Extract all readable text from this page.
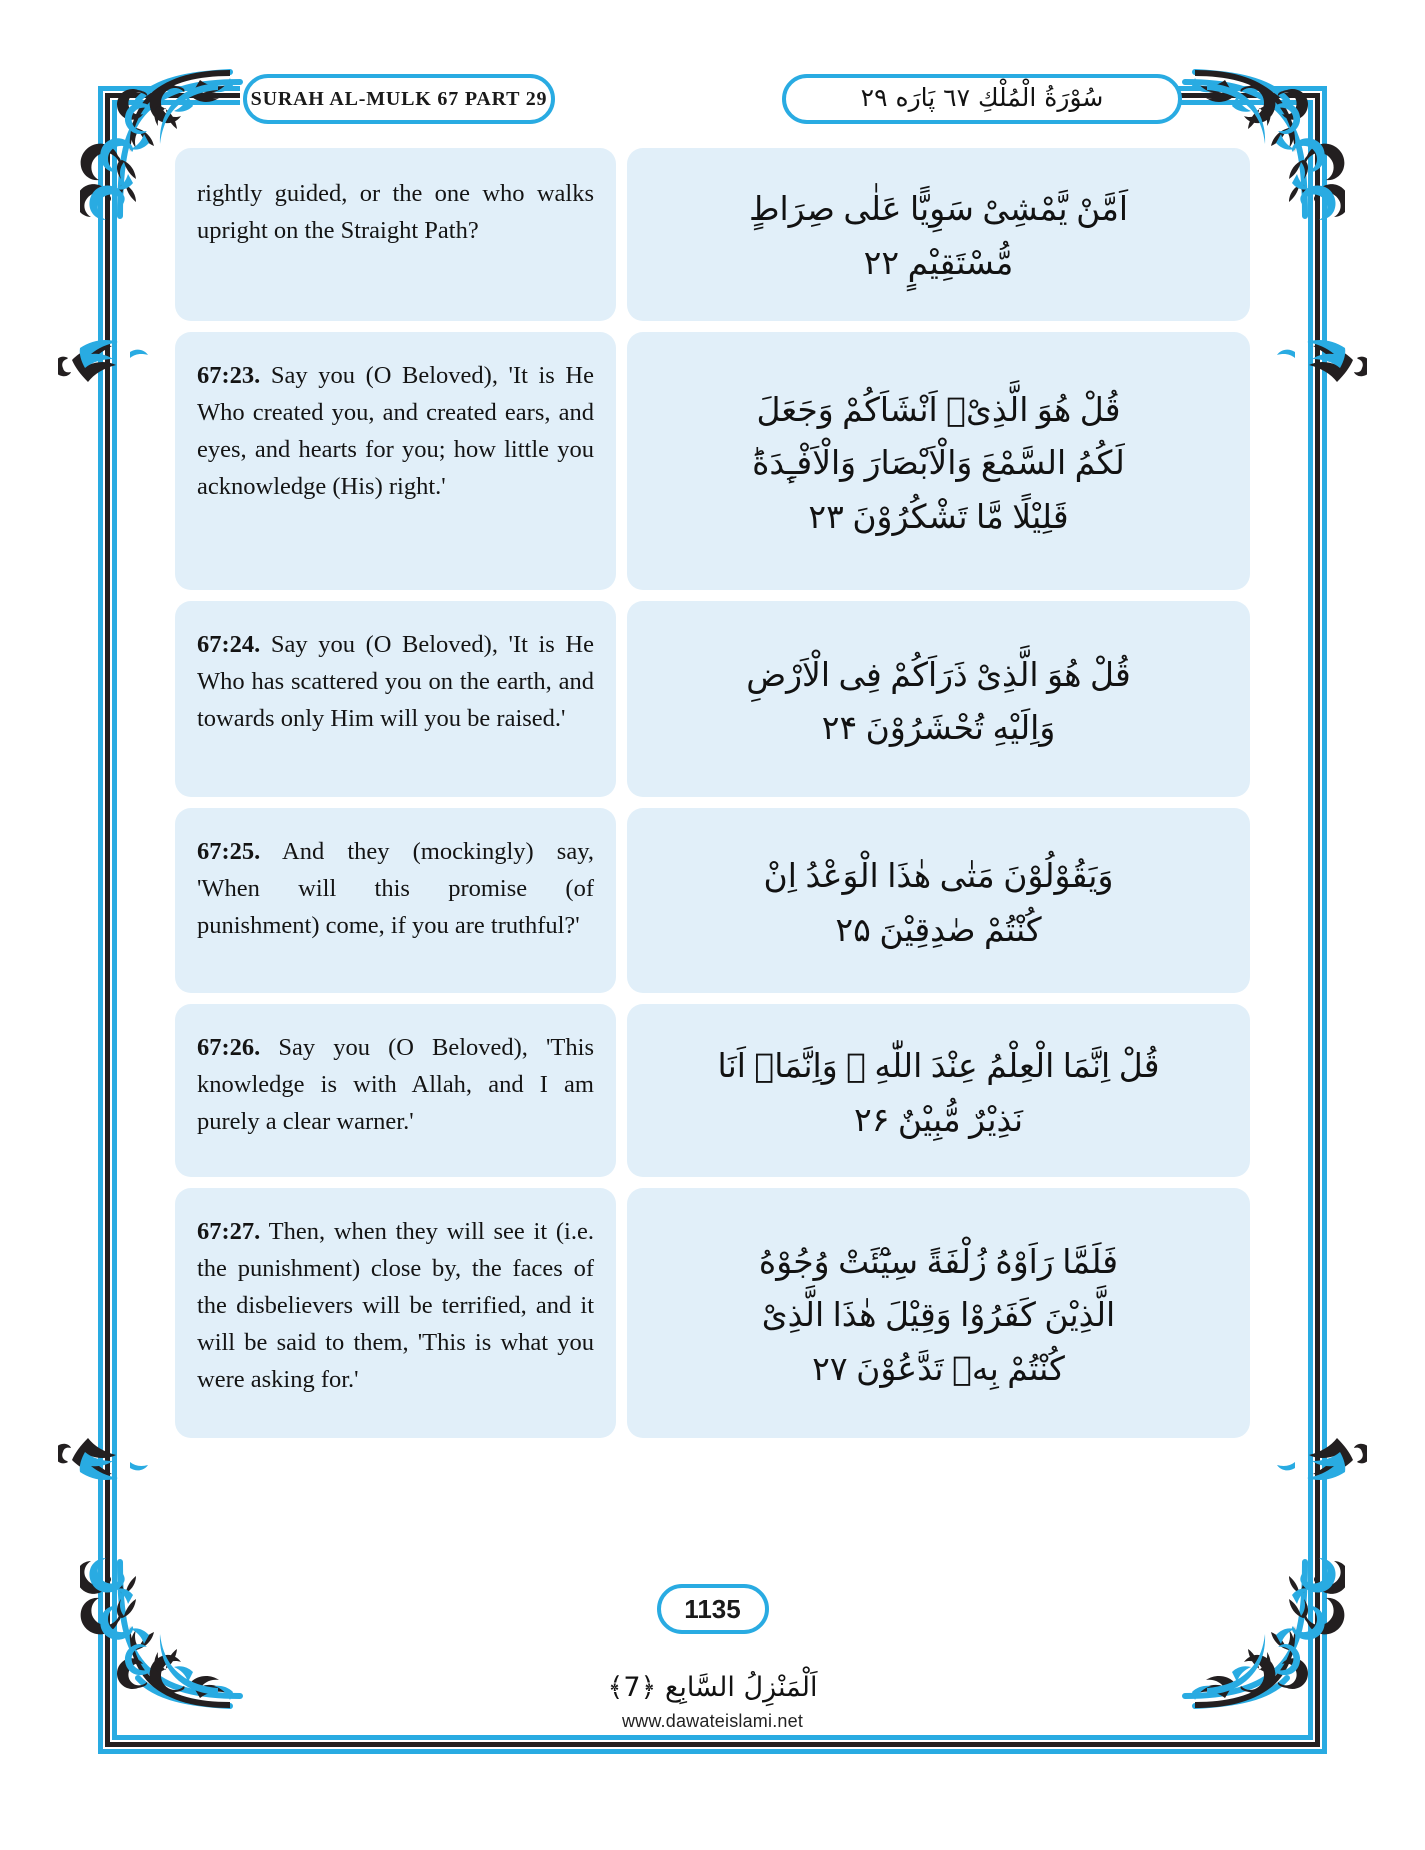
SURAH AL-MULK 67 PART 29	سُوْرَةُ الْمُلْكِ ٦٧ پَارَه ٢٩
rightly guided, or the one who walks upright on the Straight Path?
اَمَّنْ يَّمْشِیْ سَوِیًّا عَلٰى صِرَاطٍ
مُّسْتَقِيْمٍ ۲۲
67:23. Say you (O Beloved), 'It is He Who created you, and created ears, and eyes, and hearts for you; how little you acknowledge (His) right.'
قُلْ هُوَ الَّذِیْۤ اَنْشَاَكُمْ وَجَعَلَ
لَكُمُ السَّمْعَ وَالْاَبْصَارَ وَالْاَفْـِٕدَةَؕ
قَلِيْلًا مَّا تَشْكُرُوْنَ ۲۳
67:24. Say you (O Beloved), 'It is He Who has scattered you on the earth, and towards only Him will you be raised.'
قُلْ هُوَ الَّذِیْ ذَرَاَكُمْ فِی الْاَرْضِ
وَاِلَيْهِ تُحْشَرُوْنَ ۲۴
67:25. And they (mockingly) say, 'When will this promise (of punishment) come, if you are truthful?'
وَيَقُوْلُوْنَ مَتٰى هٰذَا الْوَعْدُ اِنْ
كُنْتُمْ صٰدِقِيْنَ ۲۵
67:26. Say you (O Beloved), 'This knowledge is with Allah, and I am purely a clear warner.'
قُلْ اِنَّمَا الْعِلْمُ عِنْدَ اللّٰهِ ۪ وَاِنَّمَاۤ اَنَا
نَذِيْرٌ مُّبِيْنٌ ۲۶
67:27. Then, when they will see it (i.e. the punishment) close by, the faces of the disbelievers will be terrified, and it will be said to them, 'This is what you were asking for.'
فَلَمَّا رَاَوْهُ زُلْفَةً سِيْٓئَتْ وُجُوْهُ
الَّذِيْنَ كَفَرُوْا وَقِيْلَ هٰذَا الَّذِیْ
كُنْتُمْ بِهٖ تَدَّعُوْنَ ۲۷
1135
اَلْمَنْزِلُ السَّابِع ﴿7﴾
www.dawateislami.net
